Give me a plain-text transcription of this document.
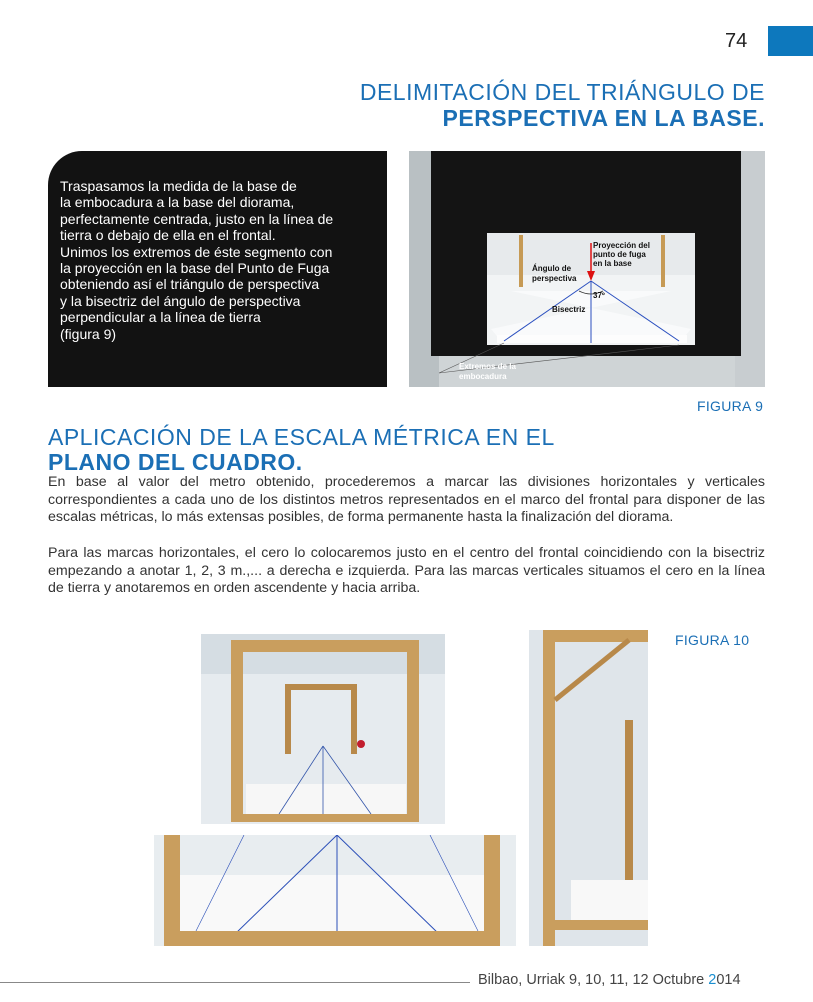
74
DELIMITACIÓN DEL TRIÁNGULO DE
PERSPECTIVA EN LA BASE.

Traspasamos la medida de la base de
la embocadura a la base del diorama,
perfectamente centrada, justo en la línea de
tierra o debajo de ella en el frontal.
Unimos los extremos de éste segmento con
la proyección en la base del Punto de Fuga
obteniendo así el triángulo de perspectiva
y la bisectriz del ángulo de perspectiva
perpendicular a la línea de tierra
(figura 9)

Proyección del
punto de fuga
en la base
Ángulo de
perspectiva
37º
Bisectriz
Extremos de la
embocadura
FIGURA 9
APLICACIÓN DE LA ESCALA MÉTRICA EN EL
PLANO DEL CUADRO.

En base al valor del metro obtenido, procederemos a marcar las divisiones horizontales y verticales correspondientes a cada uno de los distintos metros representados en el marco del frontal para disponer de las escalas métricas, lo más extensas posibles, de forma permanente hasta la finalización del diorama.

Para las marcas horizontales, el cero lo colocaremos justo en el centro del frontal coincidiendo con la bisectriz empezando a anotar 1, 2, 3 m.,... a derecha e izquierda. Para las marcas verticales situamos el cero en la línea de tierra y anotaremos en orden ascendente y hacia arriba.

FIGURA 10
Bilbao, Urriak 9, 10, 11, 12 Octubre 2014
